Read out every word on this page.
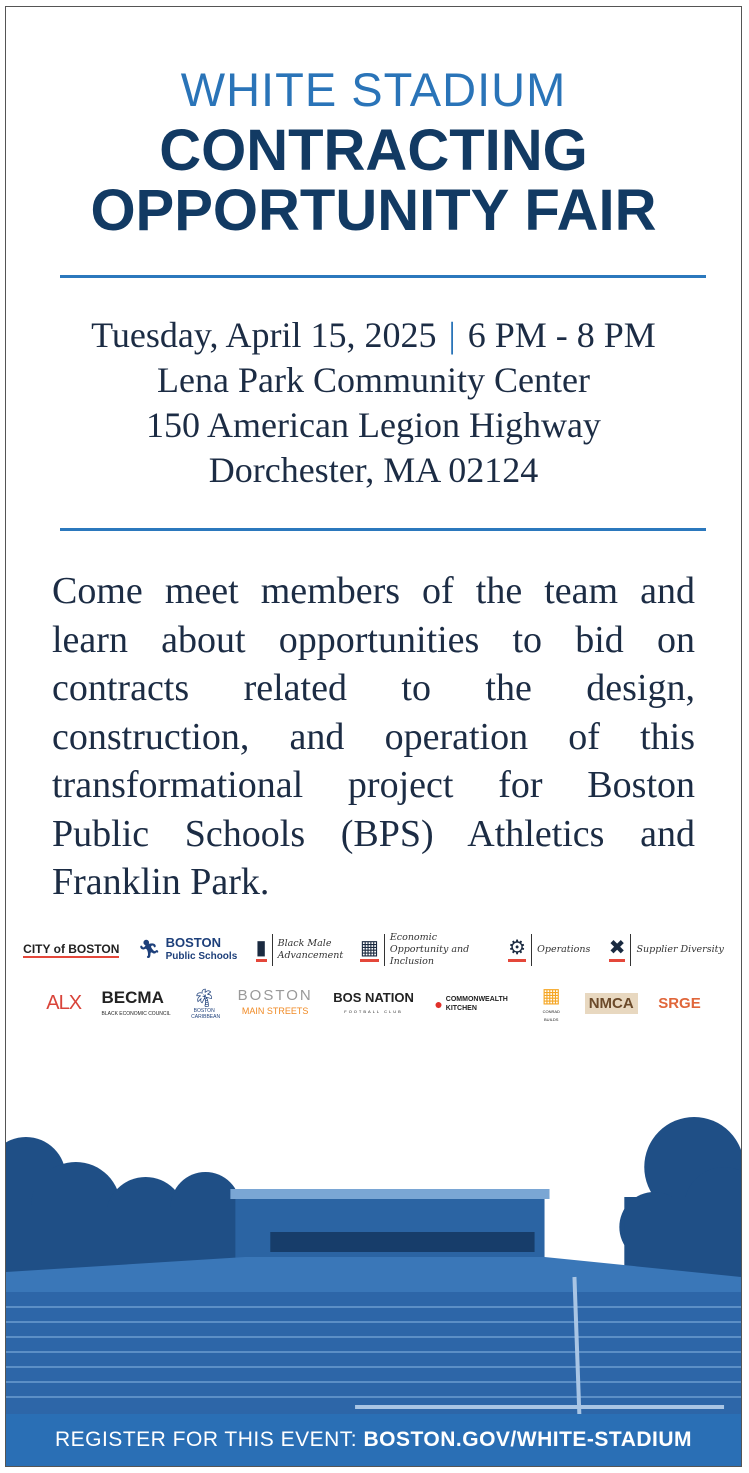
WHITE STADIUM
CONTRACTING
OPPORTUNITY FAIR
Tuesday, April 15, 2025 | 6 PM - 8 PM
Lena Park Community Center
150 American Legion Highway
Dorchester, MA 02124
Come meet members of the team and learn about opportunities to bid on contracts related to the design, construction, and operation of this transformational project for Boston Public Schools (BPS) Athletics and Franklin Park.
CITY of BOSTON 🏃︎ BOSTON
Public Schools ▮ Black Male Advancement ▦ Economic Opportunity and Inclusion
⚙ Operations ✖ Supplier Diversity
ALX BECMA
BLACK ECONOMIC COUNCIL
🌴︎
BOSTON CARIBBEAN
BOSTON
MAIN STREETS
BOS NATION
FOOTBALL CLUB	● COMMONWEALTH KITCHEN
▦
CONRAD BUILDS
NMCA SRGE
REGISTER FOR THIS EVENT: BOSTON.GOV/WHITE-STADIUM
